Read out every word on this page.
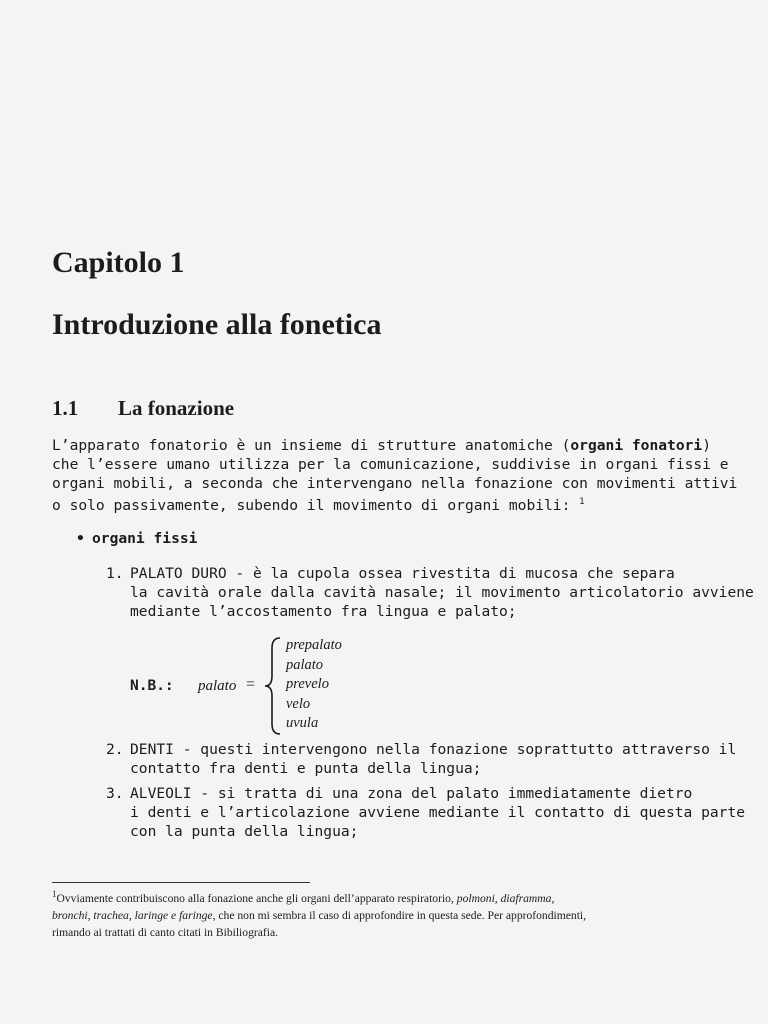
Capitolo 1
Introduzione alla fonetica
1.1 La fonazione
L’apparato fonatorio è un insieme di strutture anatomiche (organi fonatori)
che l’essere umano utilizza per la comunicazione, suddivise in organi fissi e
organi mobili, a seconda che intervengano nella fonazione con movimenti attivi
o solo passivamente, subendo il movimento di organi mobili: $^1$
• organi fissi
1. PALATO DURO - è la cupola ossea rivestita di mucosa che separa
la cavità orale dalla cavità nasale; il movimento articolatorio avviene
mediante l’accostamento fra lingua e palato;
N.B.: palato =
prepalato
palato
prevelo
velo
uvula
2. DENTI - questi intervengono nella fonazione soprattutto attraverso il
contatto fra denti e punta della lingua;
3. ALVEOLI - si tratta di una zona del palato immediatamente dietro
i denti e l’articolazione avviene mediante il contatto di questa parte
con la punta della lingua;
$^1$Ovviamente contribuiscono alla fonazione anche gli organi dell’apparato respiratorio, polmoni, diaframma,
bronchi, trachea, laringe e faringe, che non mi sembra il caso di approfondire in questa sede. Per approfondimenti,
rimando ai trattati di canto citati in Bibiliografia.
